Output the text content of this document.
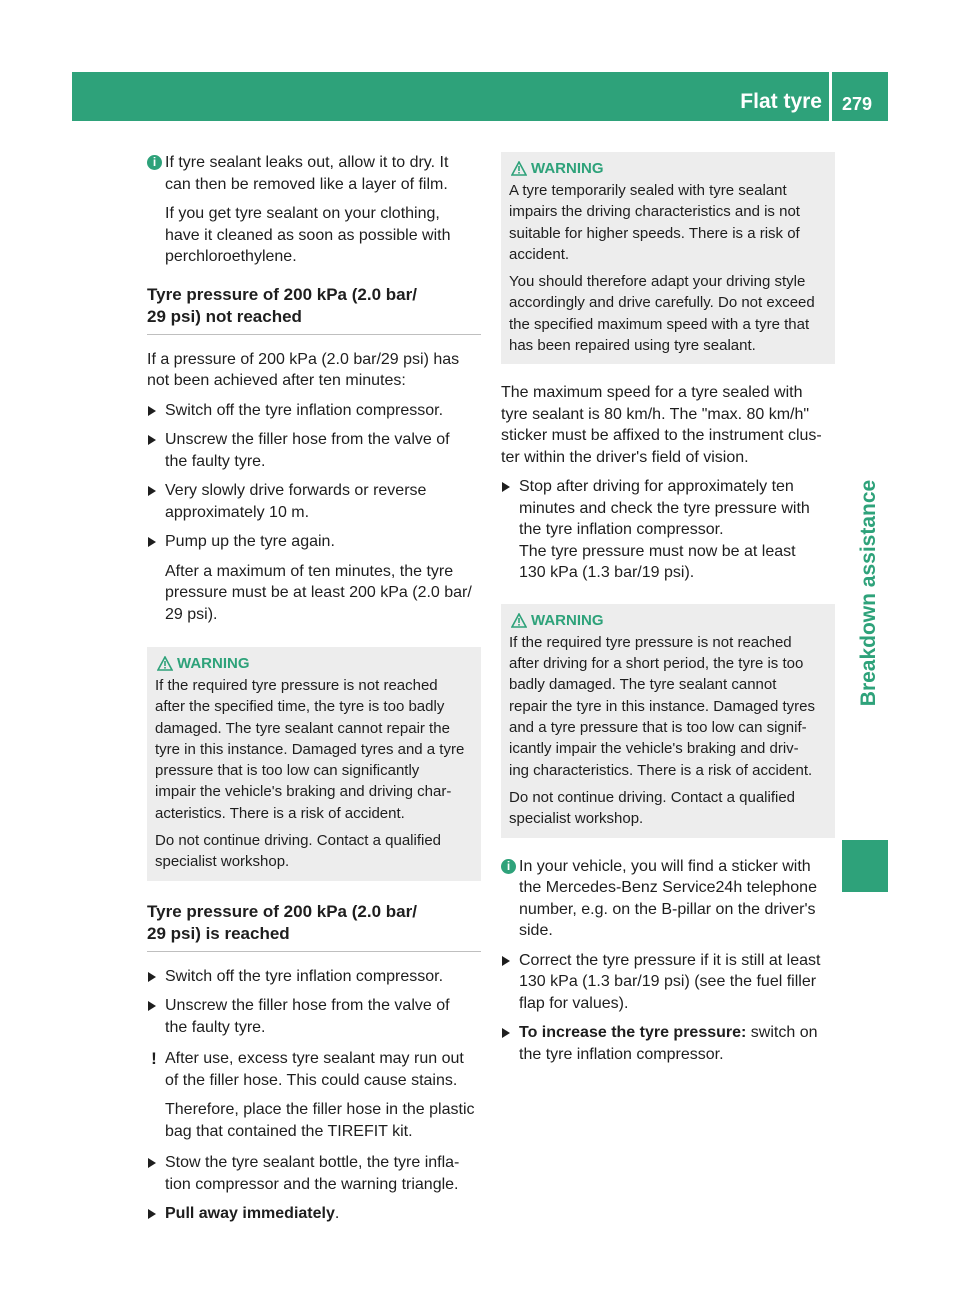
Flat tyre 279
Breakdown assistance
i If tyre sealant leaks out, allow it to dry. It

can then be removed like a layer of film.

If you get tyre sealant on your clothing,

have it cleaned as soon as possible with

perchloroethylene.

Tyre pressure of 200 kPa (2.0 bar/

29 psi) not reached

If a pressure of 200 kPa (2.0 bar/29 psi) has

not been achieved after ten minutes:

Switch off the tyre inflation compressor.

Unscrew the filler hose from the valve of

the faulty tyre.

Very slowly drive forwards or reverse

approximately 10 m.

Pump up the tyre again.

After a maximum of ten minutes, the tyre

pressure must be at least 200 kPa (2.0 bar/

29 psi).

WARNING

If the required tyre pressure is not reached

after the specified time, the tyre is too badly

damaged. The tyre sealant cannot repair the

tyre in this instance. Damaged tyres and a tyre

pressure that is too low can significantly

impair the vehicle's braking and driving char-

acteristics. There is a risk of accident.

Do not continue driving. Contact a qualified

specialist workshop.

Tyre pressure of 200 kPa (2.0 bar/

29 psi) is reached

Switch off the tyre inflation compressor.

Unscrew the filler hose from the valve of

the faulty tyre.

! After use, excess tyre sealant may run out

of the filler hose. This could cause stains.

Therefore, place the filler hose in the plastic

bag that contained the TIREFIT kit.

Stow the tyre sealant bottle, the tyre infla-

tion compressor and the warning triangle.

Pull away immediately.

WARNING

A tyre temporarily sealed with tyre sealant

impairs the driving characteristics and is not

suitable for higher speeds. There is a risk of

accident.

You should therefore adapt your driving style

accordingly and drive carefully. Do not exceed

the specified maximum speed with a tyre that

has been repaired using tyre sealant.

The maximum speed for a tyre sealed with

tyre sealant is 80 km/h. The "max. 80 km/h"

sticker must be affixed to the instrument clus-

ter within the driver's field of vision.

Stop after driving for approximately ten

minutes and check the tyre pressure with

the tyre inflation compressor.

The tyre pressure must now be at least

130 kPa (1.3 bar/19 psi).

WARNING

If the required tyre pressure is not reached

after driving for a short period, the tyre is too

badly damaged. The tyre sealant cannot

repair the tyre in this instance. Damaged tyres

and a tyre pressure that is too low can signif-

icantly impair the vehicle's braking and driv-

ing characteristics. There is a risk of accident.

Do not continue driving. Contact a qualified

specialist workshop.

i In your vehicle, you will find a sticker with

the Mercedes-Benz Service24h telephone

number, e.g. on the B-pillar on the driver's

side.

Correct the tyre pressure if it is still at least

130 kPa (1.3 bar/19 psi) (see the fuel filler

flap for values).

To increase the tyre pressure: switch on

the tyre inflation compressor.
